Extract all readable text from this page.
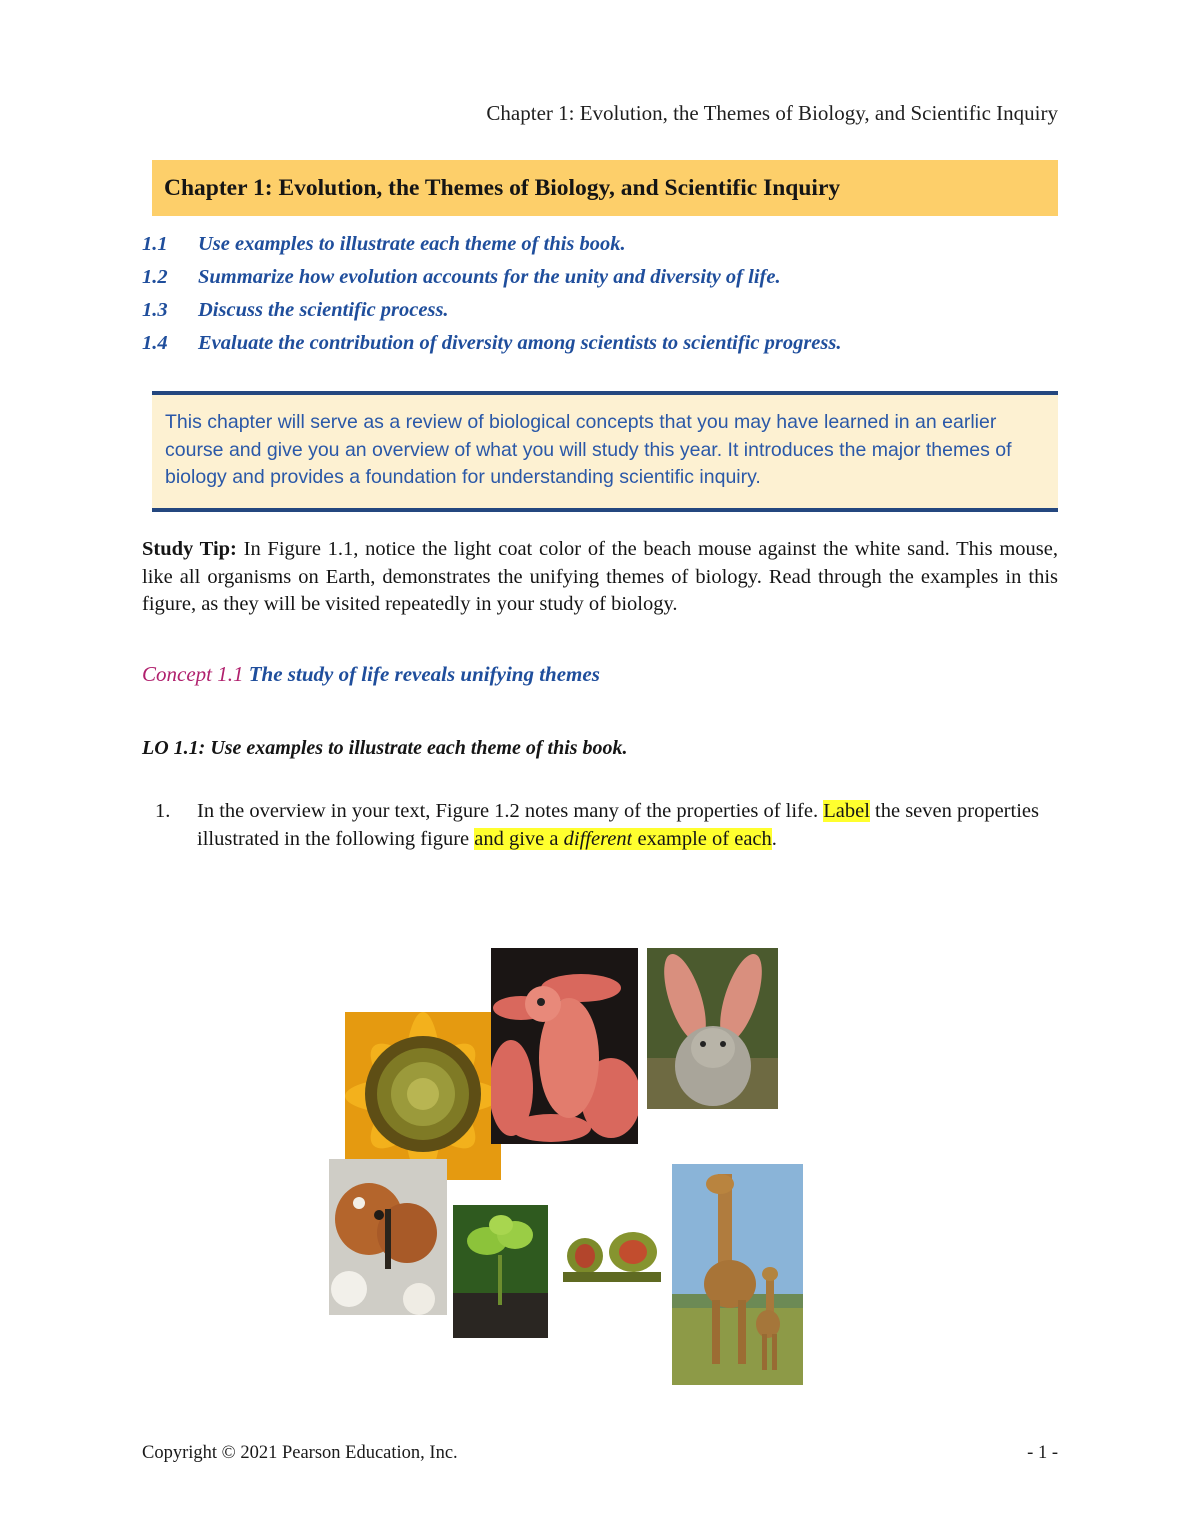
Chapter 1: Evolution, the Themes of Biology, and Scientific Inquiry
Chapter 1: Evolution, the Themes of Biology, and Scientific Inquiry
1.1 Use examples to illustrate each theme of this book.
1.2 Summarize how evolution accounts for the unity and diversity of life.
1.3 Discuss the scientific process.
1.4 Evaluate the contribution of diversity among scientists to scientific progress.
This chapter will serve as a review of biological concepts that you may have learned in an earlier course and give you an overview of what you will study this year. It introduces the major themes of biology and provides a foundation for understanding scientific inquiry.
Study Tip: In Figure 1.1, notice the light coat color of the beach mouse against the white sand. This mouse, like all organisms on Earth, demonstrates the unifying themes of biology. Read through the examples in this figure, as they will be visited repeatedly in your study of biology.
Concept 1.1 The study of life reveals unifying themes
LO 1.1: Use examples to illustrate each theme of this book.
1. In the overview in your text, Figure 1.2 notes many of the properties of life. Label the seven properties illustrated in the following figure and give a different example of each.
Copyright © 2021 Pearson Education, Inc.	- 1 -
